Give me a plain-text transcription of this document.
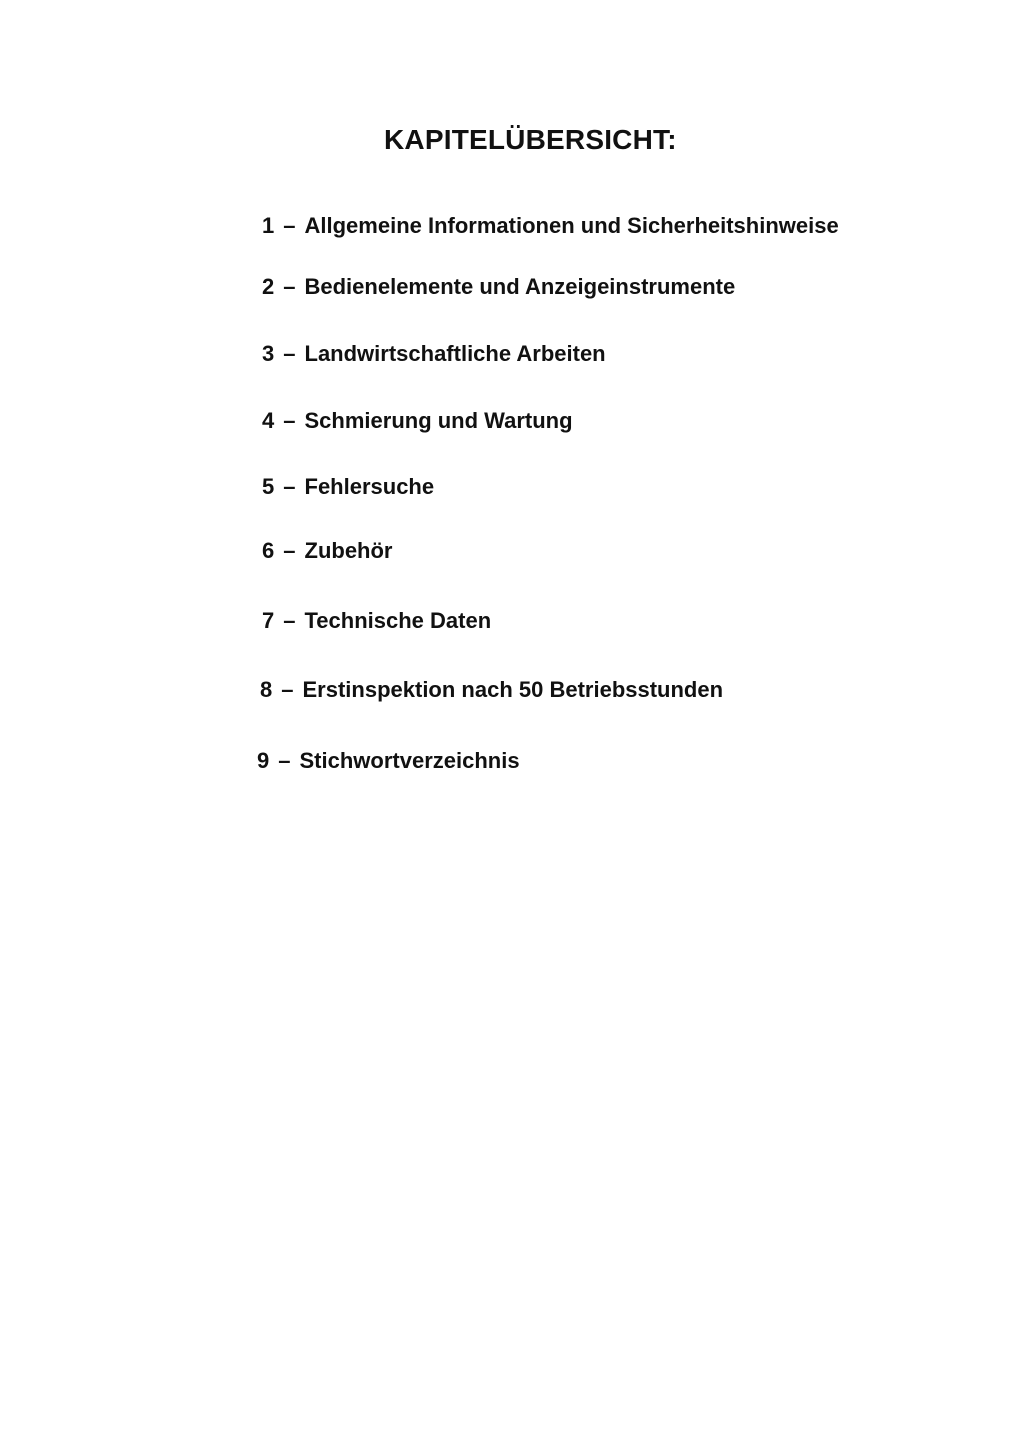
KAPITELÜBERSICHT:
1 – Allgemeine Informationen und Sicherheitshinweise
2 – Bedienelemente und Anzeigeinstrumente
3 – Landwirtschaftliche Arbeiten
4 – Schmierung und Wartung
5 – Fehlersuche
6 – Zubehör
7 – Technische Daten
8 – Erstinspektion nach 50 Betriebsstunden
9 – Stichwortverzeichnis
